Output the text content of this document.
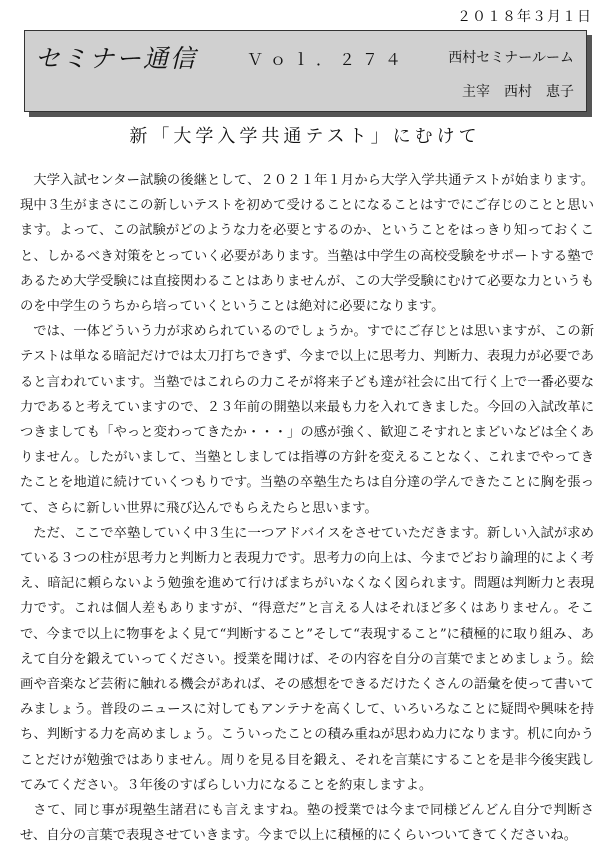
２０１８年３月１日
セミナー通信	Ｖｏｌ．２７４	西村セミナールーム
主宰　西村　恵子
新「大学入学共通テスト」にむけて

大学入試センター試験の後継として、２０２１年１月から大学入学共通テストが始まります。現中３生がまさにこの新しいテストを初めて受けることになることはすでにご存じのことと思います。よって、この試験がどのような力を必要とするのか、ということをはっきり知っておくこと、しかるべき対策をとっていく必要があります。当塾は中学生の高校受験をサポートする塾であるため大学受験には直接関わることはありませんが、この大学受験にむけて必要な力というものを中学生のうちから培っていくということは絶対に必要になります。

では、一体どういう力が求められているのでしょうか。すでにご存じとは思いますが、この新テストは単なる暗記だけでは太刀打ちできず、今まで以上に思考力、判断力、表現力が必要であると言われています。当塾ではこれらの力こそが将来子ども達が社会に出て行く上で一番必要な力であると考えていますので、２３年前の開塾以来最も力を入れてきました。今回の入試改革につきましても「やっと変わってきたか・・・」の感が強く、歓迎こそすれとまどいなどは全くありません。したがいまして、当塾としましては指導の方針を変えることなく、これまでやってきたことを地道に続けていくつもりです。当塾の卒塾生たちは自分達の学んできたことに胸を張って、さらに新しい世界に飛び込んでもらえたらと思います。

ただ、ここで卒塾していく中３生に一つアドバイスをさせていただきます。新しい入試が求めている３つの柱が思考力と判断力と表現力です。思考力の向上は、今までどおり論理的によく考え、暗記に頼らないよう勉強を進めて行けばまちがいなくなく図られます。問題は判断力と表現力です。これは個人差もありますが、“得意だ”と言える人はそれほど多くはありません。そこで、今まで以上に物事をよく見て“判断すること”そして“表現すること”に積極的に取り組み、あえて自分を鍛えていってください。授業を聞けば、その内容を自分の言葉でまとめましょう。絵画や音楽など芸術に触れる機会があれば、その感想をできるだけたくさんの語彙を使って書いてみましょう。普段のニュースに対してもアンテナを高くして、いろいろなことに疑問や興味を持ち、判断する力を高めましょう。こういったことの積み重ねが思わぬ力になります。机に向かうことだけが勉強ではありません。周りを見る目を鍛え、それを言葉にすることを是非今後実践してみてください。３年後のすばらしい力になることを約束しますよ。

さて、同じ事が現塾生諸君にも言えますね。塾の授業では今まで同様どんどん自分で判断させ、自分の言葉で表現させていきます。今まで以上に積極的にくらいついてきてくださいね。
